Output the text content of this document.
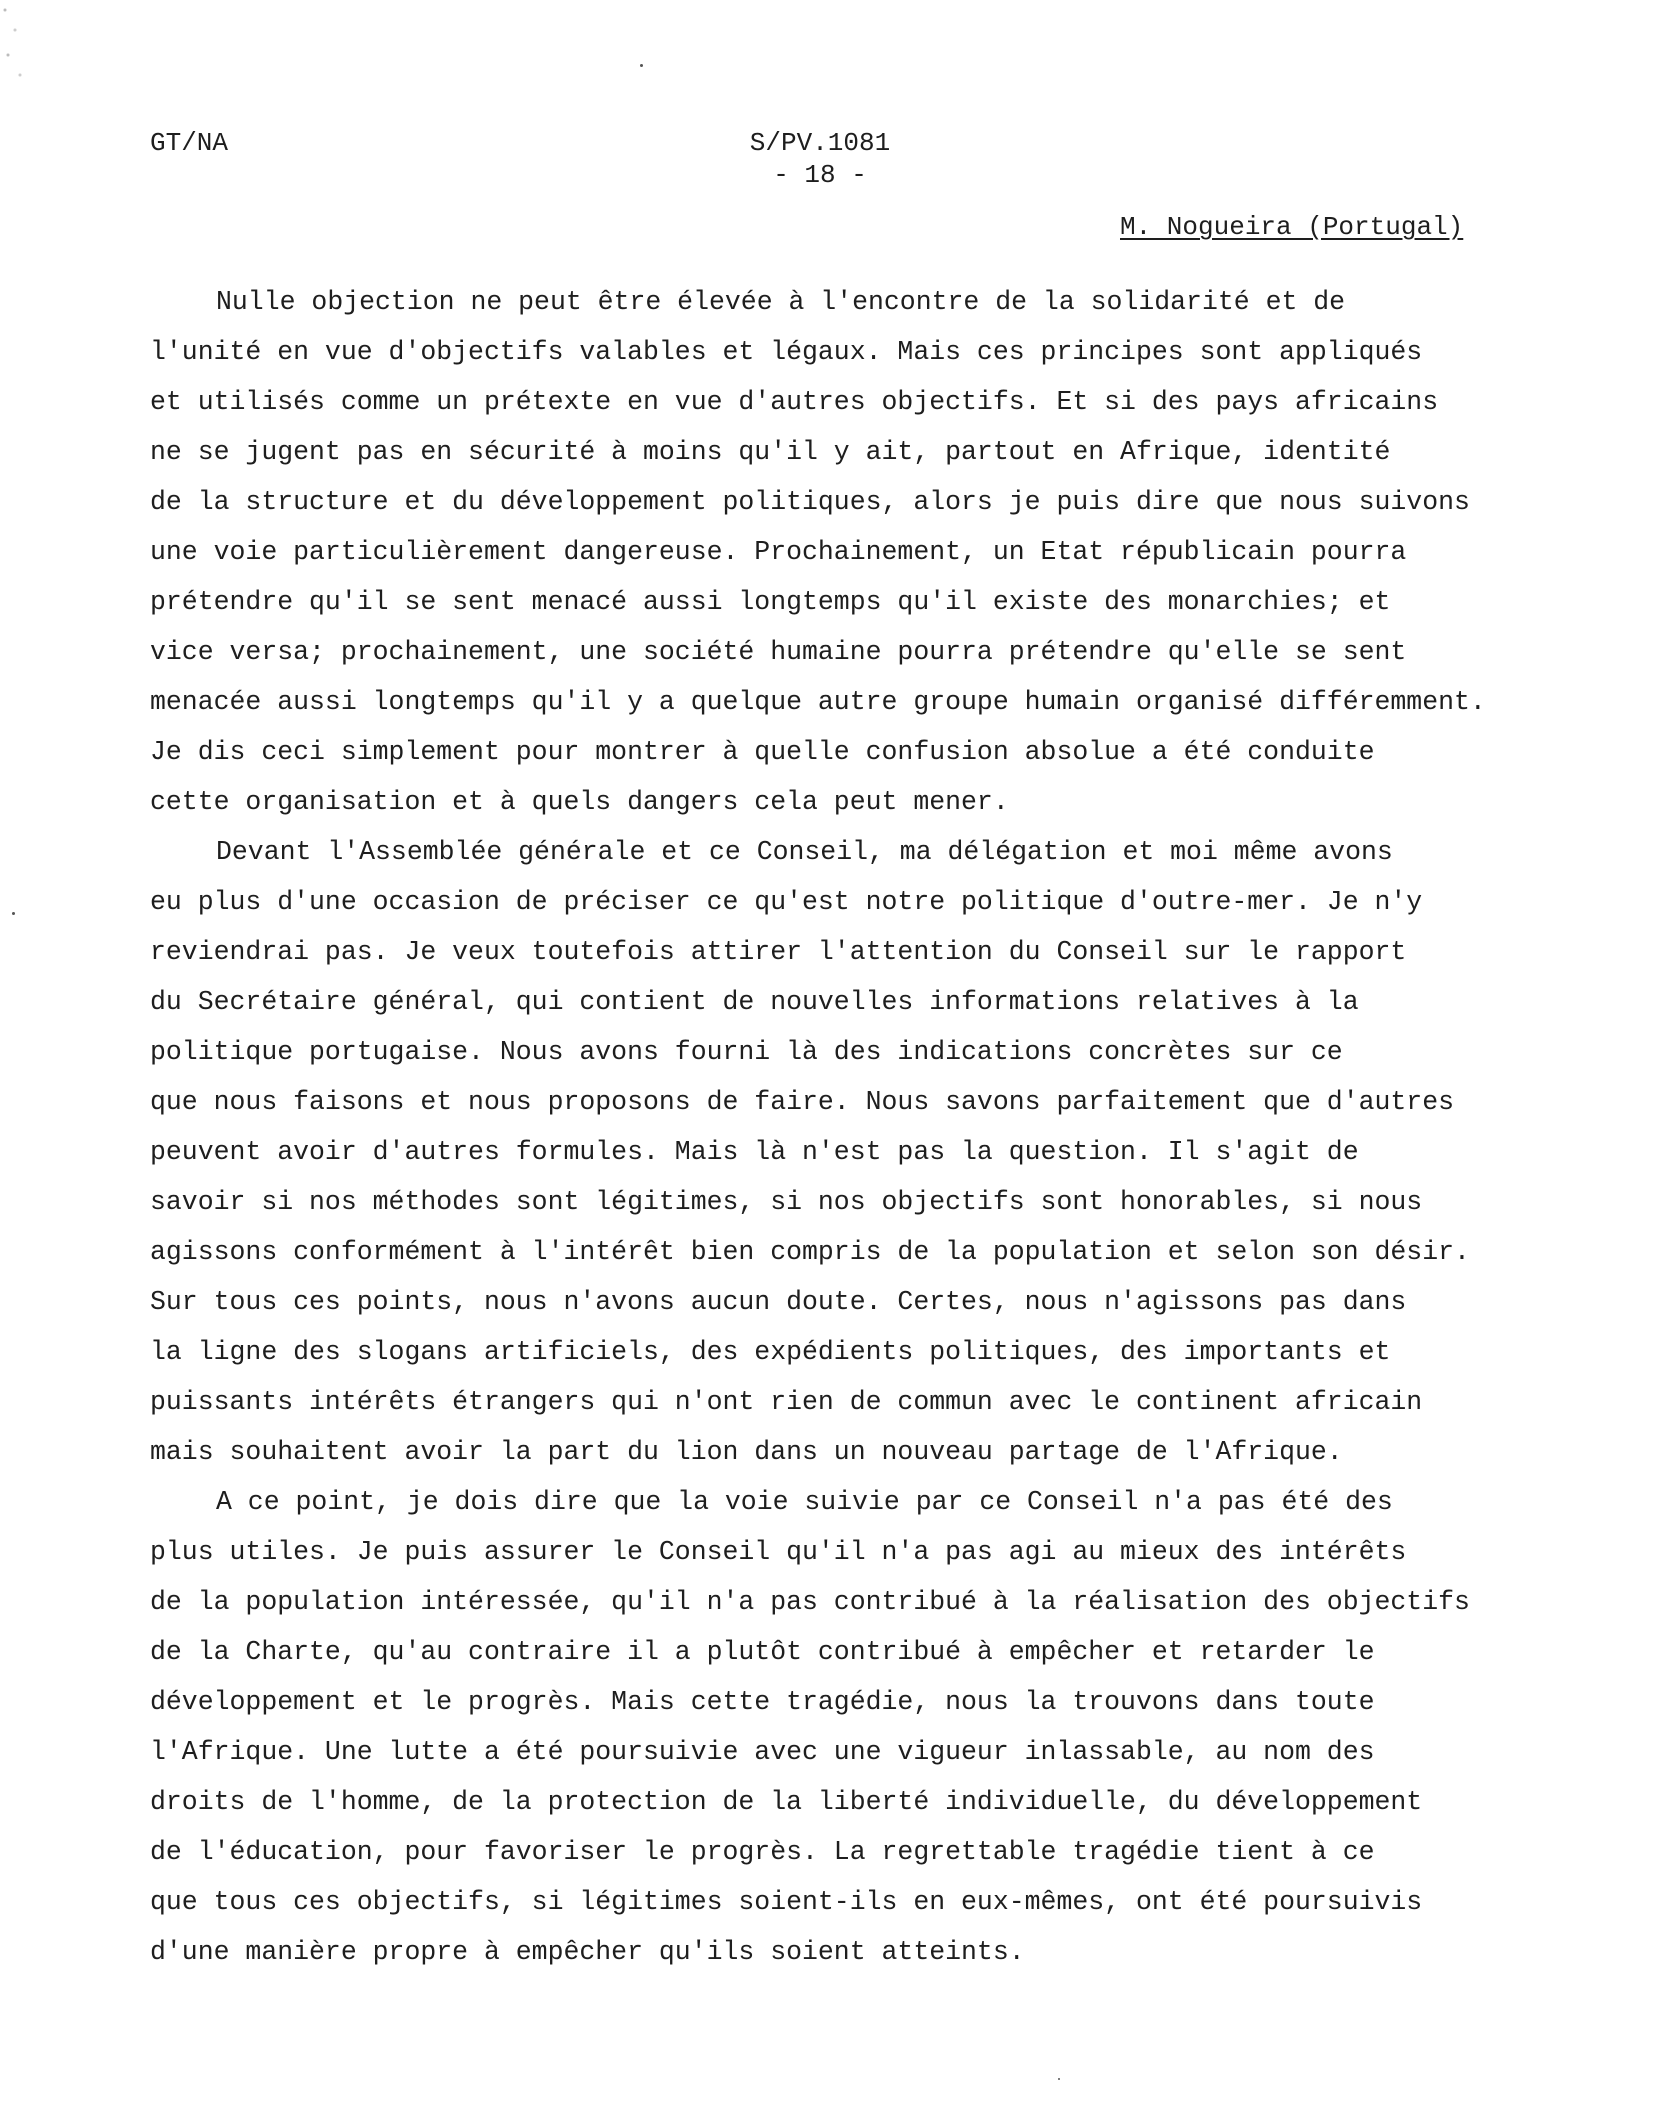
GT/NA	S/PV.1081
- 18 -
M. Nogueira (Portugal)
Nulle objection ne peut être élevée à l'encontre de la solidarité et de
l'unité en vue d'objectifs valables et légaux. Mais ces principes sont appliqués
et utilisés comme un prétexte en vue d'autres objectifs. Et si des pays africains
ne se jugent pas en sécurité à moins qu'il y ait, partout en Afrique, identité
de la structure et du développement politiques, alors je puis dire que nous suivons
une voie particulièrement dangereuse. Prochainement, un Etat républicain pourra
prétendre qu'il se sent menacé aussi longtemps qu'il existe des monarchies; et
vice versa; prochainement, une société humaine pourra prétendre qu'elle se sent
menacée aussi longtemps qu'il y a quelque autre groupe humain organisé différemment.
Je dis ceci simplement pour montrer à quelle confusion absolue a été conduite
cette organisation et à quels dangers cela peut mener.
Devant l'Assemblée générale et ce Conseil, ma délégation et moi même avons
eu plus d'une occasion de préciser ce qu'est notre politique d'outre-mer. Je n'y
reviendrai pas. Je veux toutefois attirer l'attention du Conseil sur le rapport
du Secrétaire général, qui contient de nouvelles informations relatives à la
politique portugaise. Nous avons fourni là des indications concrètes sur ce
que nous faisons et nous proposons de faire. Nous savons parfaitement que d'autres
peuvent avoir d'autres formules. Mais là n'est pas la question. Il s'agit de
savoir si nos méthodes sont légitimes, si nos objectifs sont honorables, si nous
agissons conformément à l'intérêt bien compris de la population et selon son désir.
Sur tous ces points, nous n'avons aucun doute. Certes, nous n'agissons pas dans
la ligne des slogans artificiels, des expédients politiques, des importants et
puissants intérêts étrangers qui n'ont rien de commun avec le continent africain
mais souhaitent avoir la part du lion dans un nouveau partage de l'Afrique.
A ce point, je dois dire que la voie suivie par ce Conseil n'a pas été des
plus utiles. Je puis assurer le Conseil qu'il n'a pas agi au mieux des intérêts
de la population intéressée, qu'il n'a pas contribué à la réalisation des objectifs
de la Charte, qu'au contraire il a plutôt contribué à empêcher et retarder le
développement et le progrès. Mais cette tragédie, nous la trouvons dans toute
l'Afrique. Une lutte a été poursuivie avec une vigueur inlassable, au nom des
droits de l'homme, de la protection de la liberté individuelle, du développement
de l'éducation, pour favoriser le progrès. La regrettable tragédie tient à ce
que tous ces objectifs, si légitimes soient-ils en eux-mêmes, ont été poursuivis
d'une manière propre à empêcher qu'ils soient atteints.
